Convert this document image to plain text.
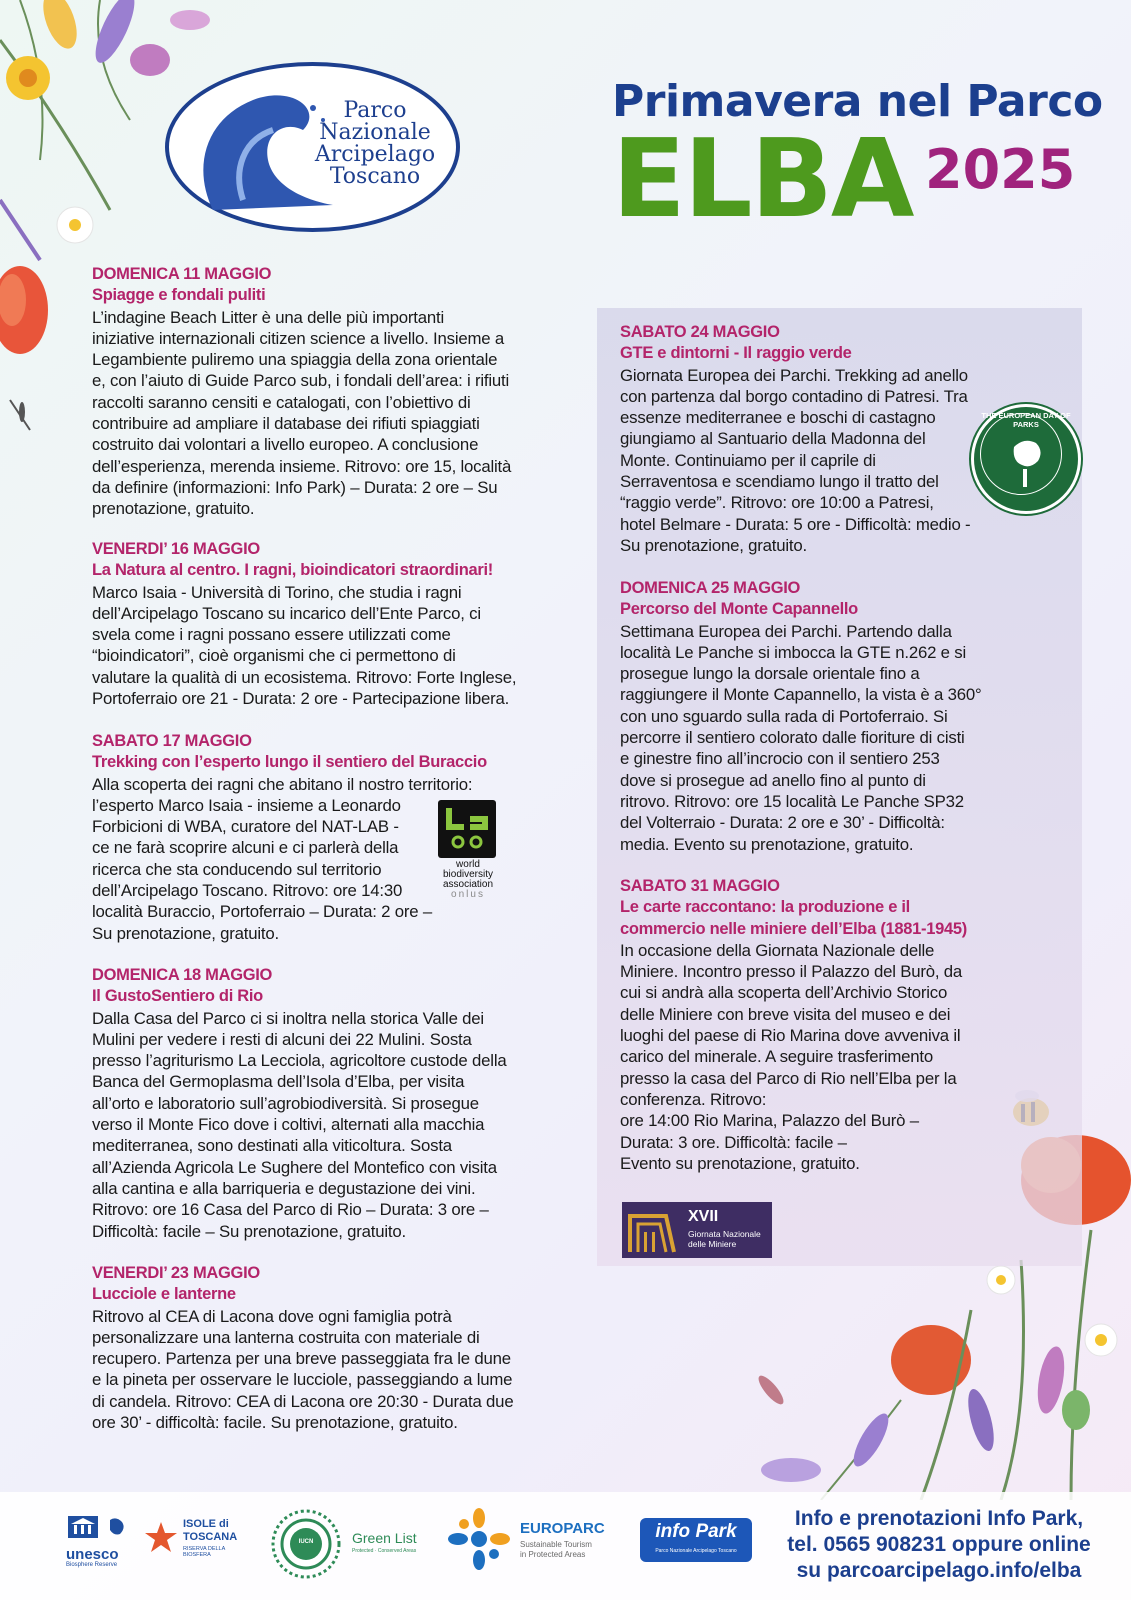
Parco
Nazionale
Arcipelago
Toscano
Primavera nel Parco
ELBA 2025
DOMENICA 11 MAGGIO
Spiagge e fondali puliti
L’indagine Beach Litter è una delle più importanti
iniziative internazionali citizen science a livello. Insieme a
Legambiente puliremo una spiaggia della zona orientale
e, con l’aiuto di Guide Parco sub, i fondali dell’area: i rifiuti
raccolti saranno censiti e catalogati, con l’obiettivo di
contribuire ad ampliare il database dei rifiuti spiaggiati
costruito dai volontari a livello europeo. A conclusione
dell’esperienza, merenda insieme. Ritrovo: ore 15, località
da definire (informazioni: Info Park) – Durata: 2 ore – Su
prenotazione, gratuito.
VENERDI’ 16 MAGGIO
La Natura al centro. I ragni, bioindicatori straordinari!
Marco Isaia - Università di Torino, che studia i ragni
dell’Arcipelago Toscano su incarico dell’Ente Parco, ci
svela come i ragni possano essere utilizzati come
“bioindicatori”, cioè organismi che ci permettono di
valutare la qualità di un ecosistema. Ritrovo: Forte Inglese,
Portoferraio ore 21 - Durata: 2 ore - Partecipazione libera.
SABATO 17 MAGGIO
Trekking con l’esperto lungo il sentiero del Buraccio
Alla scoperta dei ragni che abitano il nostro territorio:
l’esperto Marco Isaia - insieme a Leonardo
Forbicioni di WBA, curatore del NAT-LAB -
ce ne farà scoprire alcuni e ci parlerà della
ricerca che sta conducendo sul territorio
dell’Arcipelago Toscano. Ritrovo: ore 14:30
località Buraccio, Portoferraio – Durata: 2 ore –
Su prenotazione, gratuito.
DOMENICA 18 MAGGIO
Il GustoSentiero di Rio
Dalla Casa del Parco ci si inoltra nella storica Valle dei
Mulini per vedere i resti di alcuni dei 22 Mulini. Sosta
presso l’agriturismo La Lecciola, agricoltore custode della
Banca del Germoplasma dell’Isola d’Elba, per visita
all’orto e laboratorio sull’agrobiodiversità. Si prosegue
verso il Monte Fico dove i coltivi, alternati alla macchia
mediterranea, sono destinati alla viticoltura. Sosta
all’Azienda Agricola Le Sughere del Montefico con visita
alla cantina e alla barriqueria e degustazione dei vini.
Ritrovo: ore 16 Casa del Parco di Rio – Durata: 3 ore –
Difficoltà: facile – Su prenotazione, gratuito.
VENERDI’ 23 MAGGIO
Lucciole e lanterne
Ritrovo al CEA di Lacona dove ogni famiglia potrà
personalizzare una lanterna costruita con materiale di
recupero. Partenza per una breve passeggiata fra le dune
e la pineta per osservare le lucciole, passeggiando a lume
di candela. Ritrovo: CEA di Lacona ore 20:30 - Durata due
ore 30’ - difficoltà: facile. Su prenotazione, gratuito.
world
biodiversity
association
onlus
SABATO 24 MAGGIO
GTE e dintorni - Il raggio verde
Giornata Europea dei Parchi. Trekking ad anello
con partenza dal borgo contadino di Patresi. Tra
essenze mediterranee e boschi di castagno
giungiamo al Santuario della Madonna del
Monte. Continuiamo per il caprile di
Serraventosa e scendiamo lungo il tratto del
“raggio verde”. Ritrovo: ore 10:00 a Patresi,
hotel Belmare - Durata: 5 ore - Difficoltà: medio -
Su prenotazione, gratuito.
DOMENICA 25 MAGGIO
Percorso del Monte Capannello
Settimana Europea dei Parchi. Partendo dalla
località Le Panche si imbocca la GTE n.262 e si
prosegue lungo la dorsale orientale fino a
raggiungere il Monte Capannello, la vista è a 360°
con uno sguardo sulla rada di Portoferraio. Si
percorre il sentiero colorato dalle fioriture di cisti
e ginestre fino all’incrocio con il sentiero 253
dove si prosegue ad anello fino al punto di
ritrovo. Ritrovo: ore 15 località Le Panche SP32
del Volterraio - Durata: 2 ore e 30’ - Difficoltà:
media. Evento su prenotazione, gratuito.
SABATO 31 MAGGIO
Le carte raccontano: la produzione e il
commercio nelle miniere dell’Elba (1881-1945)
In occasione della Giornata Nazionale delle
Miniere. Incontro presso il Palazzo del Burò, da
cui si andrà alla scoperta dell’Archivio Storico
delle Miniere con breve visita del museo e dei
luoghi del paese di Rio Marina dove avveniva il
carico del minerale. A seguire trasferimento
presso la casa del Parco di Rio nell’Elba per la
conferenza. Ritrovo:
ore 14:00 Rio Marina, Palazzo del Burò –
Durata: 3 ore. Difficoltà: facile –
Evento su prenotazione, gratuito.
THE EUROPEAN DAY OF PARKS
XVII
Giornata Nazionale
delle Miniere
unesco
Biosphere Reserve
ISOLE di
TOSCANA
RISERVA DELLA BIOSFERA
IUCN	Green List
Protected · Conserved Areas
EUROPARC
Sustainable Tourism
in Protected Areas
info Park
Parco Nazionale Arcipelago Toscano
Info e prenotazioni Info Park,
tel. 0565 908231 oppure online
su parcoarcipelago.info/elba
